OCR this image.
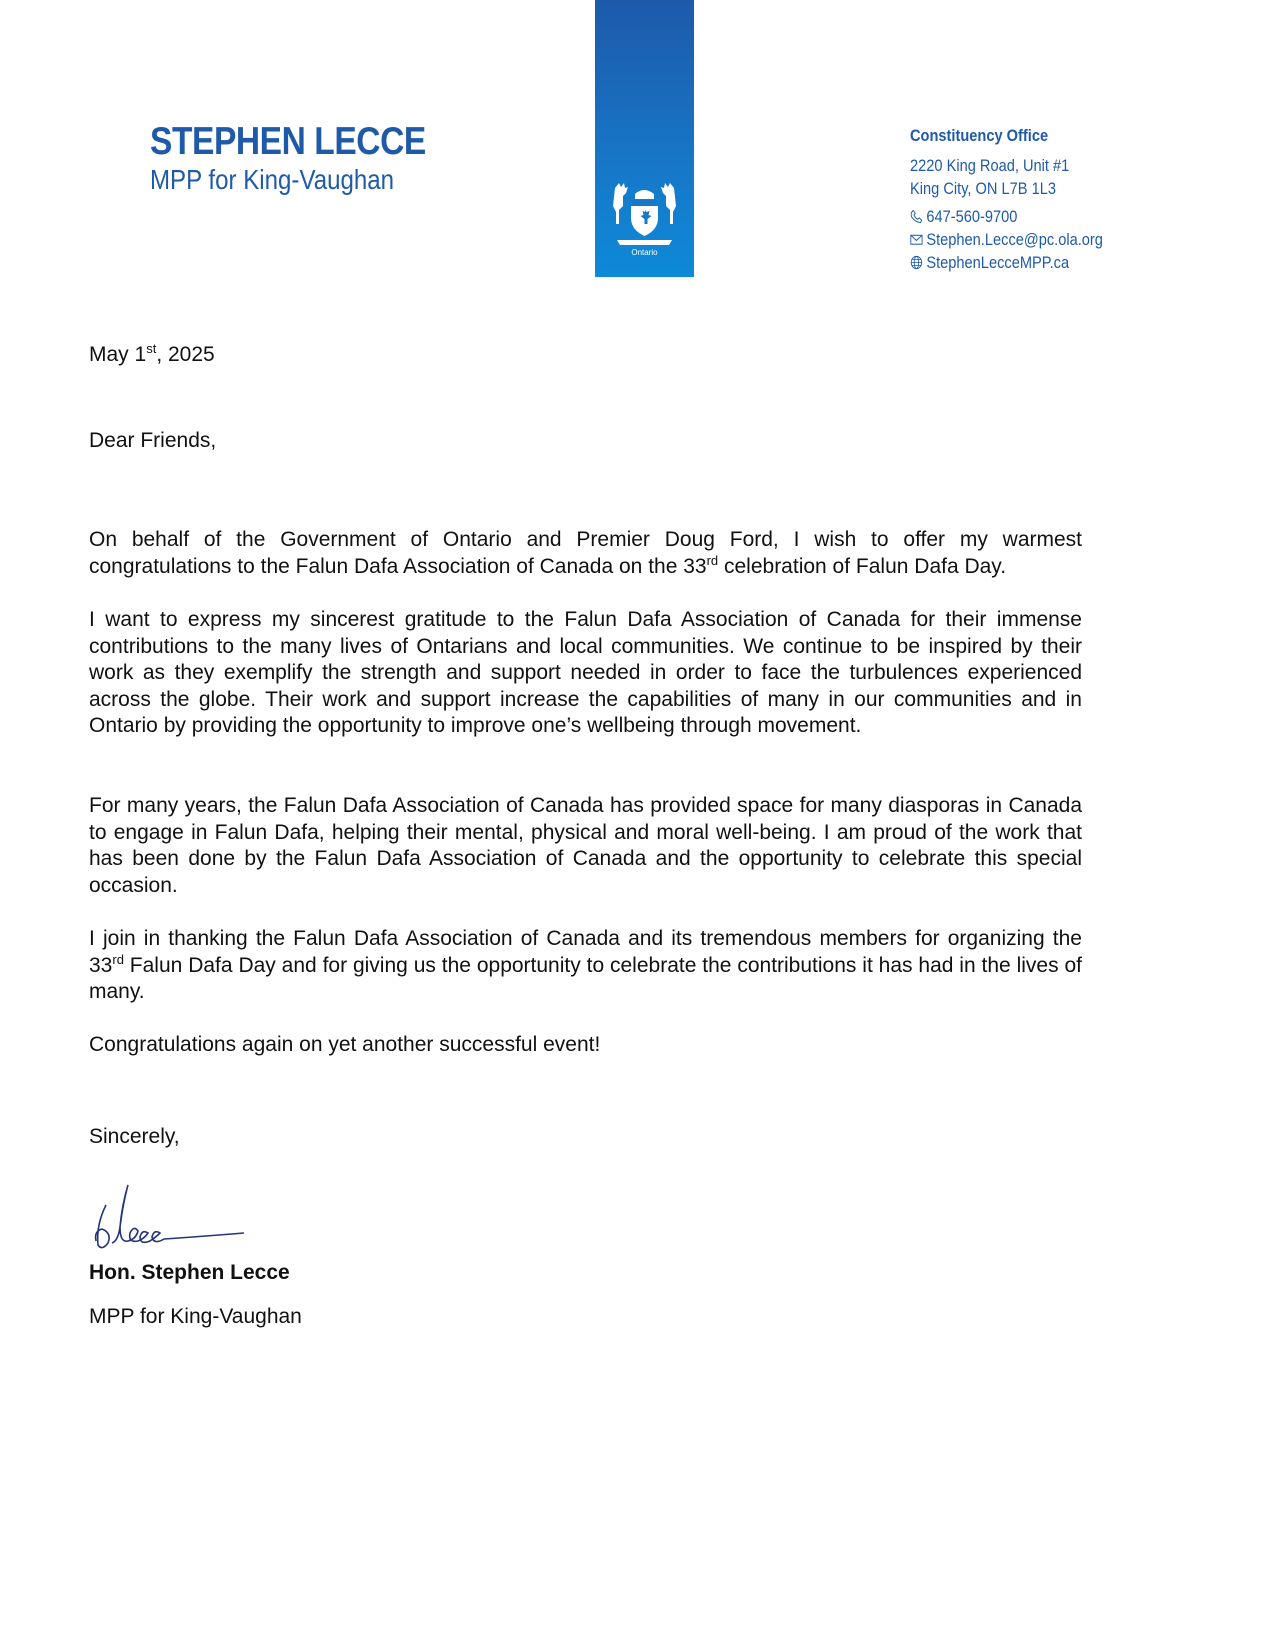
STEPHEN LECCE
MPP for King-Vaughan
Ontario
Constituency Office
2220 King Road, Unit #1
King City, ON L7B 1L3
647-560-9700
Stephen.Lecce@pc.ola.org
StephenLecceMPP.ca
May 1st, 2025
Dear Friends,
On behalf of the Government of Ontario and Premier Doug Ford, I wish to offer my warmest congratulations to the Falun Dafa Association of Canada on the 33rd celebration of Falun Dafa Day.
I want to express my sincerest gratitude to the Falun Dafa Association of Canada for their immense contributions to the many lives of Ontarians and local communities. We continue to be inspired by their work as they exemplify the strength and support needed in order to face the turbulences experienced across the globe. Their work and support increase the capabilities of many in our communities and in Ontario by providing the opportunity to improve one’s wellbeing through movement.
For many years, the Falun Dafa Association of Canada has provided space for many diasporas in Canada to engage in Falun Dafa, helping their mental, physical and moral well-being. I am proud of the work that has been done by the Falun Dafa Association of Canada and the opportunity to celebrate this special occasion.
I join in thanking the Falun Dafa Association of Canada and its tremendous members for organizing the 33rd Falun Dafa Day and for giving us the opportunity to celebrate the contributions it has had in the lives of many.
Congratulations again on yet another successful event!
Sincerely,
Hon. Stephen Lecce
MPP for King-Vaughan
